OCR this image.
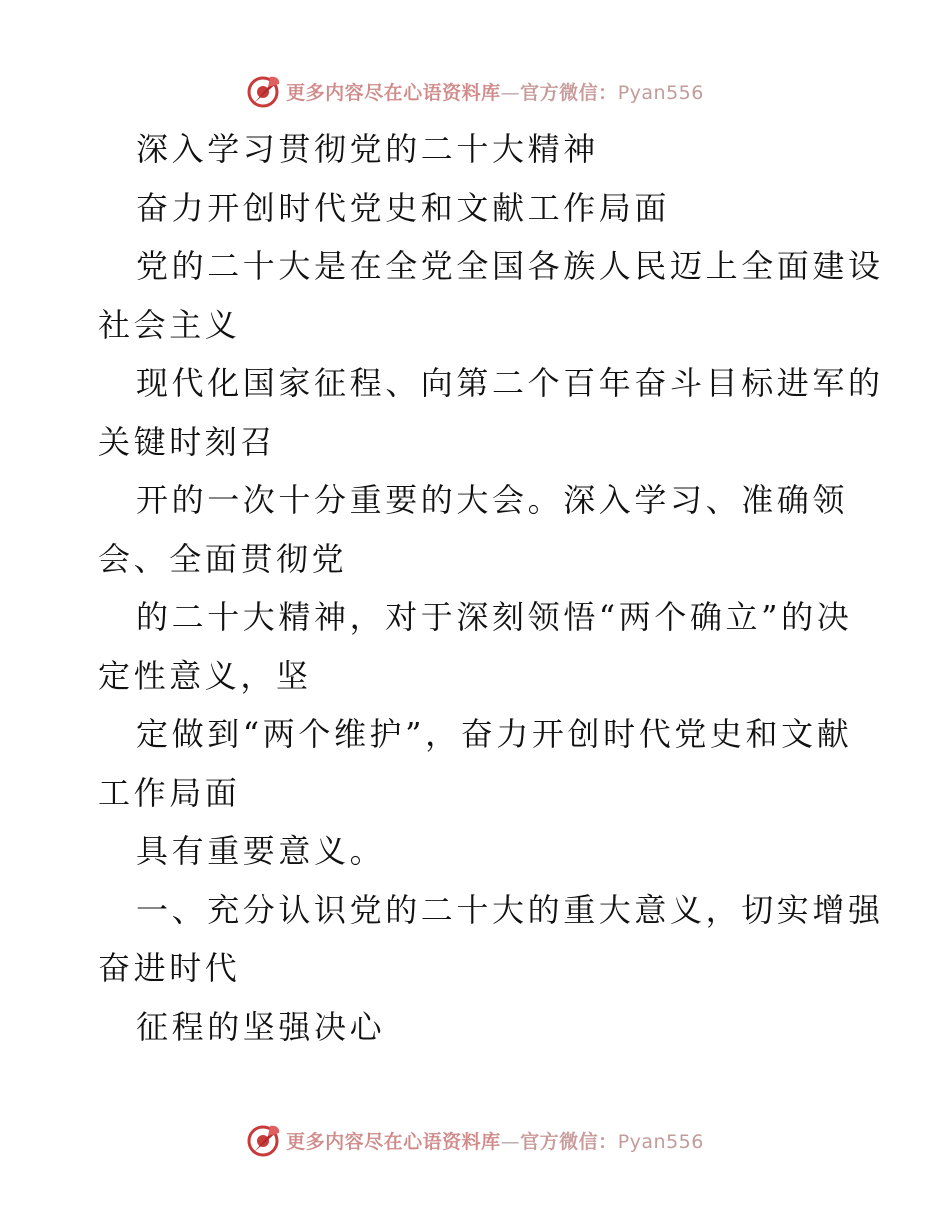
更多内容尽在心语资料库—官方微信：Pyan556
深入学习贯彻党的二十大精神
奋力开创时代党史和文献工作局面
党的二十大是在全党全国各族人民迈上全面建设
社会主义
现代化国家征程、向第二个百年奋斗目标进军的
关键时刻召
开的一次十分重要的大会。深入学习、准确领
会、全面贯彻党
的二十大精神，对于深刻领悟“两个确立”的决
定性意义，坚
定做到“两个维护”，奋力开创时代党史和文献
工作局面
具有重要意义。
一、充分认识党的二十大的重大意义，切实增强
奋进时代
征程的坚强决心
更多内容尽在心语资料库—官方微信：Pyan556
